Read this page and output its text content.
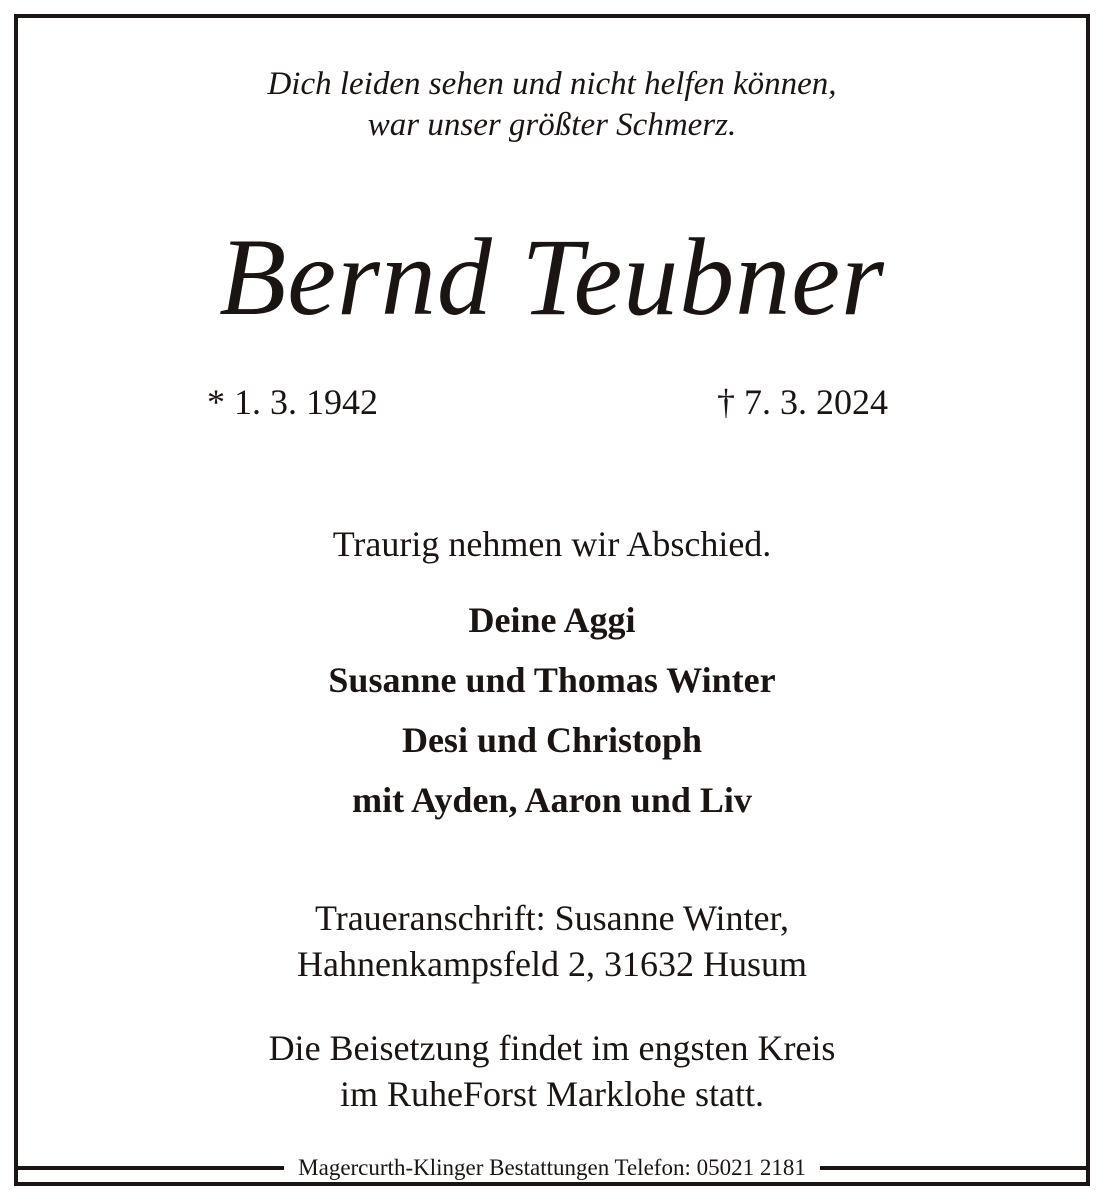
Dich leiden sehen und nicht helfen können,
war unser größter Schmerz.
Bernd Teubner
* 1. 3. 1942	† 7. 3. 2024
Traurig nehmen wir Abschied.
Deine Aggi
Susanne und Thomas Winter
Desi und Christoph
mit Ayden, Aaron und Liv
Traueranschrift: Susanne Winter,
Hahnenkampsfeld 2, 31632 Husum
Die Beisetzung findet im engsten Kreis
im RuheForst Marklohe statt.
Magercurth-Klinger Bestattungen Telefon: 05021 2181
